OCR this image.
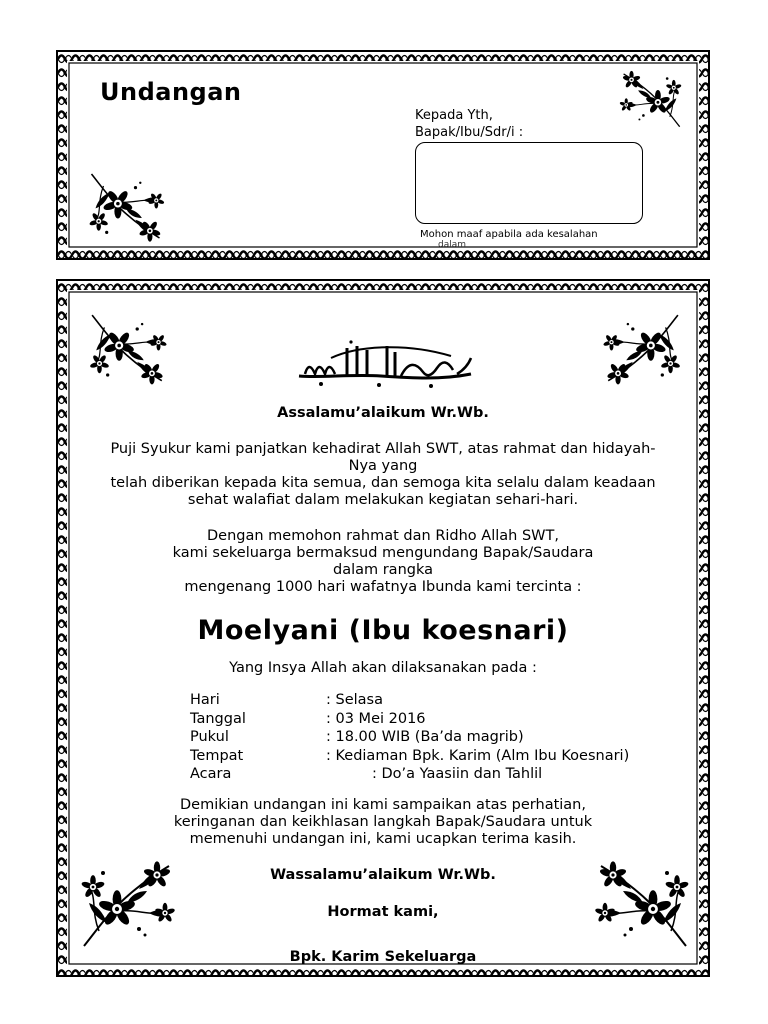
Undangan
Kepada Yth,
Bapak/Ibu/Sdr/i :
Mohon maaf apabila ada kesalahan
dalam
Assalamu’alaikum Wr.Wb.
Puji Syukur kami panjatkan kehadirat Allah SWT, atas rahmat dan hidayah-
Nya yang
telah diberikan kepada kita semua, dan semoga kita selalu dalam keadaan
sehat walafiat dalam melakukan kegiatan sehari-hari.
Dengan memohon rahmat dan Ridho Allah SWT,
kami sekeluarga bermaksud mengundang Bapak/Saudara
dalam rangka
mengenang 1000 hari wafatnya Ibunda kami tercinta :
Moelyani (Ibu koesnari)
Yang Insya Allah akan dilaksanakan pada :
Hari	: Selasa
Tanggal	: 03 Mei 2016
Pukul	: 18.00 WIB (Ba’da magrib)
Tempat	: Kediaman Bpk. Karim (Alm Ibu Koesnari)
Acara	: Do’a Yaasiin dan Tahlil
Demikian undangan ini kami sampaikan atas perhatian,
keringanan dan keikhlasan langkah Bapak/Saudara untuk
memenuhi undangan ini, kami ucapkan terima kasih.
Wassalamu’alaikum Wr.Wb.
Hormat kami,
Bpk. Karim Sekeluarga
